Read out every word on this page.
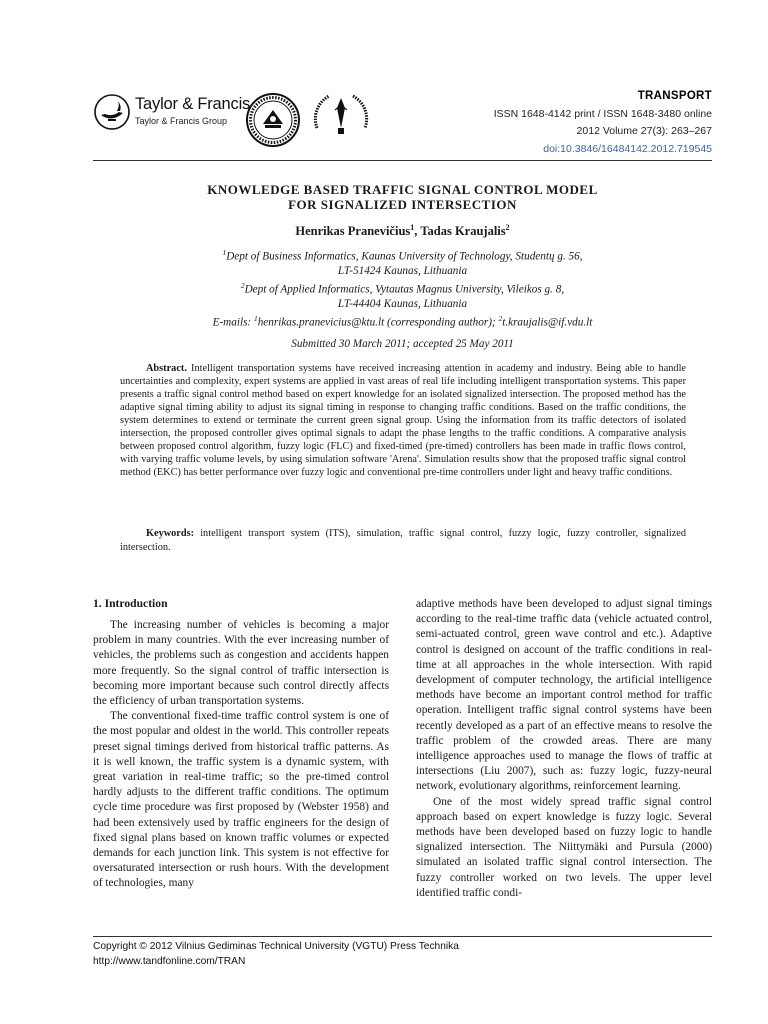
Taylor & Francis
Taylor & Francis Group
TRANSPORT
ISSN 1648-4142 print / ISSN 1648-3480 online
2012 Volume 27(3): 263–267
doi:10.3846/16484142.2012.719545
KNOWLEDGE BASED TRAFFIC SIGNAL CONTROL MODEL
FOR SIGNALIZED INTERSECTION
Henrikas Pranevičius$^1$, Tadas Kraujalis$^2$
$^1$Dept of Business Informatics, Kaunas University of Technology, Studentų g. 56,
LT-51424 Kaunas, Lithuania
$^2$Dept of Applied Informatics, Vytautas Magnus University, Vileikos g. 8,
LT-44404 Kaunas, Lithuania
E-mails: $^1$henrikas.pranevicius@ktu.lt (corresponding author); $^2$t.kraujalis@if.vdu.lt
Submitted 30 March 2011; accepted 25 May 2011
Abstract. Intelligent transportation systems have received increasing attention in academy and industry. Being able to handle uncertainties and complexity, expert systems are applied in vast areas of real life including intelligent transportation systems. This paper presents a traffic signal control method based on expert knowledge for an isolated signalized intersection. The proposed method has the adaptive signal timing ability to adjust its signal timing in response to changing traffic conditions. Based on the traffic conditions, the system determines to extend or terminate the current green signal group. Using the information from its traffic detectors of isolated intersection, the proposed controller gives optimal signals to adapt the phase lengths to the traffic conditions. A comparative analysis between proposed control algorithm, fuzzy logic (FLC) and fixed-timed (pre-timed) controllers has been made in traffic flows control, with varying traffic volume levels, by using simulation software 'Arena'. Simulation results show that the proposed traffic signal control method (EKC) has better performance over fuzzy logic and conventional pre-time controllers under light and heavy traffic conditions.
Keywords: intelligent transport system (ITS), simulation, traffic signal control, fuzzy logic, fuzzy controller, signalized intersection.
1. Introduction

The increasing number of vehicles is becoming a major problem in many countries. With the ever increasing number of vehicles, the problems such as congestion and accidents happen more frequently. So the signal control of traffic intersection is becoming more important because such control directly affects the efficiency of urban transportation systems.

The conventional fixed-time traffic control system is one of the most popular and oldest in the world. This controller repeats preset signal timings derived from historical traffic patterns. As it is well known, the traffic system is a dynamic system, with great variation in real-time traffic; so the pre-timed control hardly adjusts to the different traffic conditions. The optimum cycle time procedure was first proposed by (Webster 1958) and had been extensively used by traffic engineers for the design of fixed signal plans based on known traffic volumes or expected demands for each junction link. This system is not effective for oversaturated intersection or rush hours. With the development of technologies, many

adaptive methods have been developed to adjust signal timings according to the real-time traffic data (vehicle actuated control, semi-actuated control, green wave control and etc.). Adaptive control is designed on account of the traffic conditions in real-time at all approaches in the whole intersection. With rapid development of computer technology, the artificial intelligence methods have become an important control method for traffic operation. Intelligent traffic signal control systems have been recently developed as a part of an effective means to resolve the traffic problem of the crowded areas. There are many intelligence approaches used to manage the flows of traffic at intersections (Liu 2007), such as: fuzzy logic, fuzzy-neural network, evolutionary algorithms, reinforcement learning.

One of the most widely spread traffic signal control approach based on expert knowledge is fuzzy logic. Several methods have been developed based on fuzzy logic to handle signalized intersection. The Niittymäki and Pursula (2000) simulated an isolated traffic signal control intersection. The fuzzy controller worked on two levels. The upper level identified traffic condi-

Copyright © 2012 Vilnius Gediminas Technical University (VGTU) Press Technika
http://www.tandfonline.com/TRAN
